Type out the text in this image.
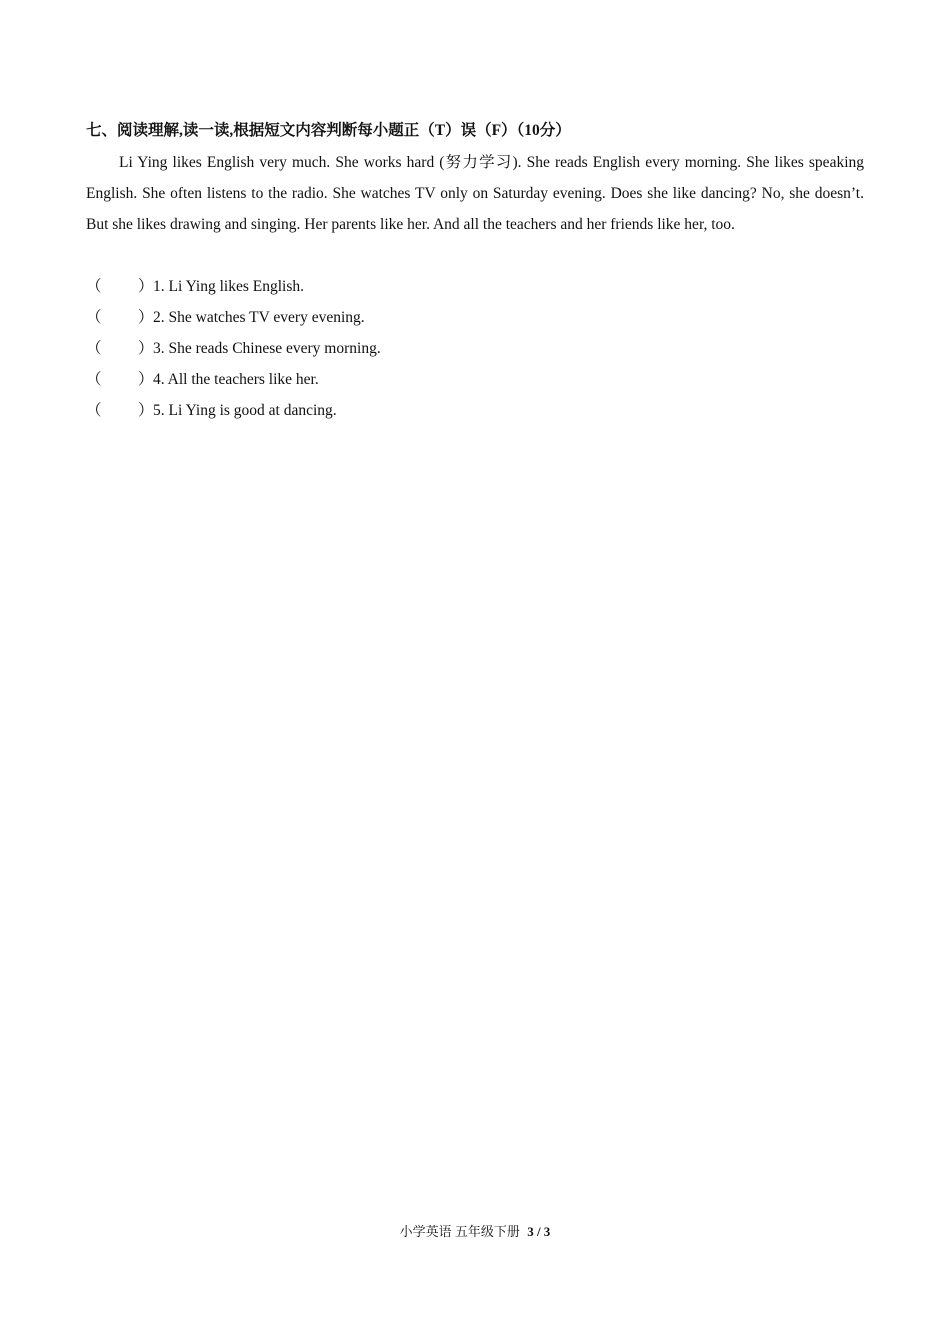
七、阅读理解,读一读,根据短文内容判断每小题正（T）误（F）（10分）

Li Ying likes English very much. She works hard (努力学习). She reads English every morning. She likes speaking English. She often listens to the radio. She watches TV only on Saturday evening. Does she like dancing? No, she doesn’t. But she likes drawing and singing. Her parents like her. And all the teachers and her friends like her, too.

（	） 1. Li Ying likes English.
（	） 2. She watches TV every evening.
（	） 3. She reads Chinese every morning.
（	） 4. All the teachers like her.
（	） 5. Li Ying is good at dancing.
小学英语 五年级下册 3 / 3
